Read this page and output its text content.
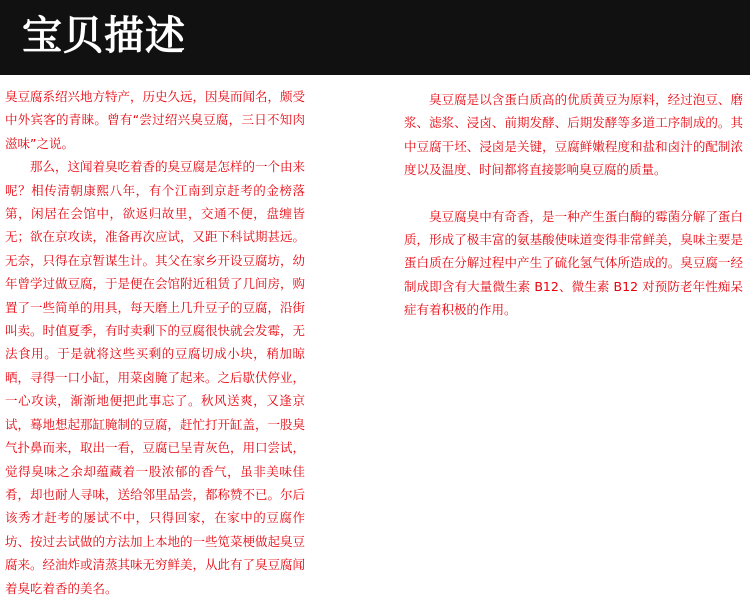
宝贝描述

臭豆腐系绍兴地方特产，历史久远，因臭而闻名，颇受中外宾客的青睐。曾有“尝过绍兴臭豆腐，三日不知肉滋味”之说。

那么，这闻着臭吃着香的臭豆腐是怎样的一个由来呢？相传清朝康熙八年，有个江南到京赶考的金榜落第，闲居在会馆中，欲返归故里，交通不便，盘缠皆无；欲在京攻读，准备再次应试，又距下科试期甚远。无奈，只得在京暂谋生计。其父在家乡开设豆腐坊，幼年曾学过做豆腐，于是便在会馆附近租赁了几间房，购置了一些简单的用具，每天磨上几升豆子的豆腐，沿街叫卖。时值夏季，有时卖剩下的豆腐很快就会发霉，无法食用。于是就将这些买剩的豆腐切成小块，稍加晾晒，寻得一口小缸，用菜卤腌了起来。之后歇伏停业，一心攻读，渐渐地便把此事忘了。秋风送爽，又逢京试，蓦地想起那缸腌制的豆腐，赶忙打开缸盖，一股臭气扑鼻而来，取出一看，豆腐已呈青灰色，用口尝试，觉得臭味之余却蕴藏着一股浓郁的香气，虽非美味佳肴，却也耐人寻味，送给邻里品尝，都称赞不已。尔后该秀才赶考的屡试不中，只得回家，在家中的豆腐作坊、按过去试做的方法加上本地的一些笕菜梗做起臭豆腐来。经油炸或清蒸其味无穷鲜美，从此有了臭豆腐闻着臭吃着香的美名。

臭豆腐是以含蛋白质高的优质黄豆为原料，经过泡豆、磨浆、滤浆、浸卤、前期发酵、后期发酵等多道工序制成的。其中豆腐干坯、浸卤是关键，豆腐鲜嫩程度和盐和卤汁的配制浓度以及温度、时间都将直接影响臭豆腐的质量。

臭豆腐臭中有奇香，是一种产生蛋白酶的霉菌分解了蛋白质，形成了极丰富的氨基酸使味道变得非常鲜美，臭味主要是蛋白质在分解过程中产生了硫化氢气体所造成的。臭豆腐一经制成即含有大量微生素 B12、微生素 B12 对预防老年性痴呆症有着积极的作用。
